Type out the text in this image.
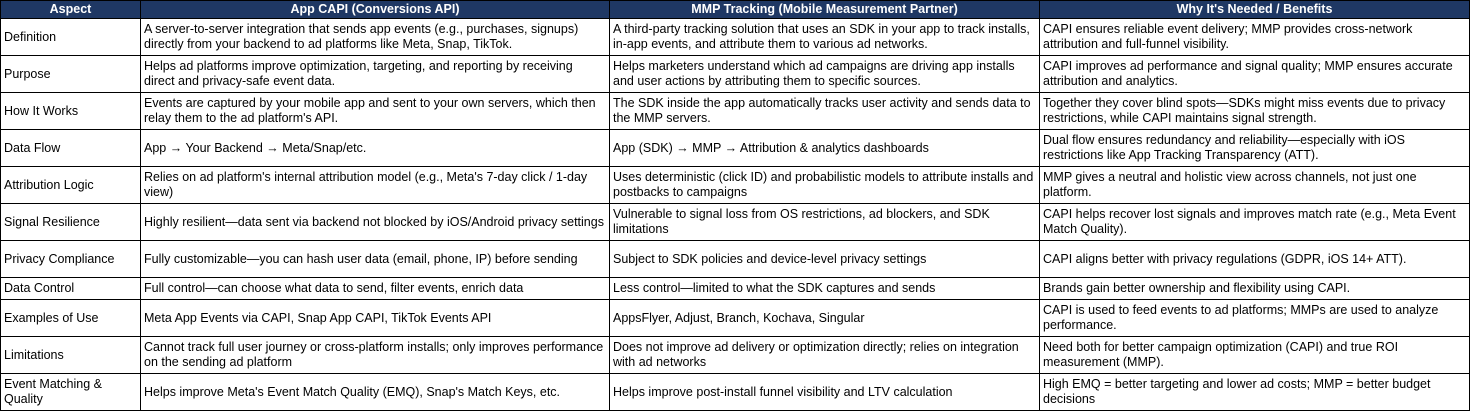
Aspect	App CAPI (Conversions API)	MMP Tracking (Mobile Measurement Partner)	Why It's Needed / Benefits
Definition	A server-to-server integration that sends app events (e.g., purchases, signups) directly from your backend to ad platforms like Meta, Snap, TikTok.	A third-party tracking solution that uses an SDK in your app to track installs, in-app events, and attribute them to various ad networks.	CAPI ensures reliable event delivery; MMP provides cross-network attribution and full-funnel visibility.
Purpose	Helps ad platforms improve optimization, targeting, and reporting by receiving direct and privacy-safe event data.	Helps marketers understand which ad campaigns are driving app installs and user actions by attributing them to specific sources.	CAPI improves ad performance and signal quality; MMP ensures accurate attribution and analytics.
How It Works	Events are captured by your mobile app and sent to your own servers, which then relay them to the ad platform's API.	The SDK inside the app automatically tracks user activity and sends data to the MMP servers.	Together they cover blind spots—SDKs might miss events due to privacy restrictions, while CAPI maintains signal strength.
Data Flow	App → Your Backend → Meta/Snap/etc.	App (SDK) → MMP → Attribution & analytics dashboards	Dual flow ensures redundancy and reliability—especially with iOS restrictions like App Tracking Transparency (ATT).
Attribution Logic	Relies on ad platform's internal attribution model (e.g., Meta's 7-day click / 1-day view)	Uses deterministic (click ID) and probabilistic models to attribute installs and postbacks to campaigns	MMP gives a neutral and holistic view across channels, not just one platform.
Signal Resilience	Highly resilient—data sent via backend not blocked by iOS/Android privacy settings	Vulnerable to signal loss from OS restrictions, ad blockers, and SDK limitations	CAPI helps recover lost signals and improves match rate (e.g., Meta Event Match Quality).
Privacy Compliance	Fully customizable—you can hash user data (email, phone, IP) before sending	Subject to SDK policies and device-level privacy settings	CAPI aligns better with privacy regulations (GDPR, iOS 14+ ATT).
Data Control	Full control—can choose what data to send, filter events, enrich data	Less control—limited to what the SDK captures and sends	Brands gain better ownership and flexibility using CAPI.
Examples of Use	Meta App Events via CAPI, Snap App CAPI, TikTok Events API	AppsFlyer, Adjust, Branch, Kochava, Singular	CAPI is used to feed events to ad platforms; MMPs are used to analyze performance.
Limitations	Cannot track full user journey or cross-platform installs; only improves performance on the sending ad platform	Does not improve ad delivery or optimization directly; relies on integration with ad networks	Need both for better campaign optimization (CAPI) and true ROI measurement (MMP).
Event Matching & Quality	Helps improve Meta's Event Match Quality (EMQ), Snap's Match Keys, etc.	Helps improve post-install funnel visibility and LTV calculation	High EMQ = better targeting and lower ad costs; MMP = better budget decisions
